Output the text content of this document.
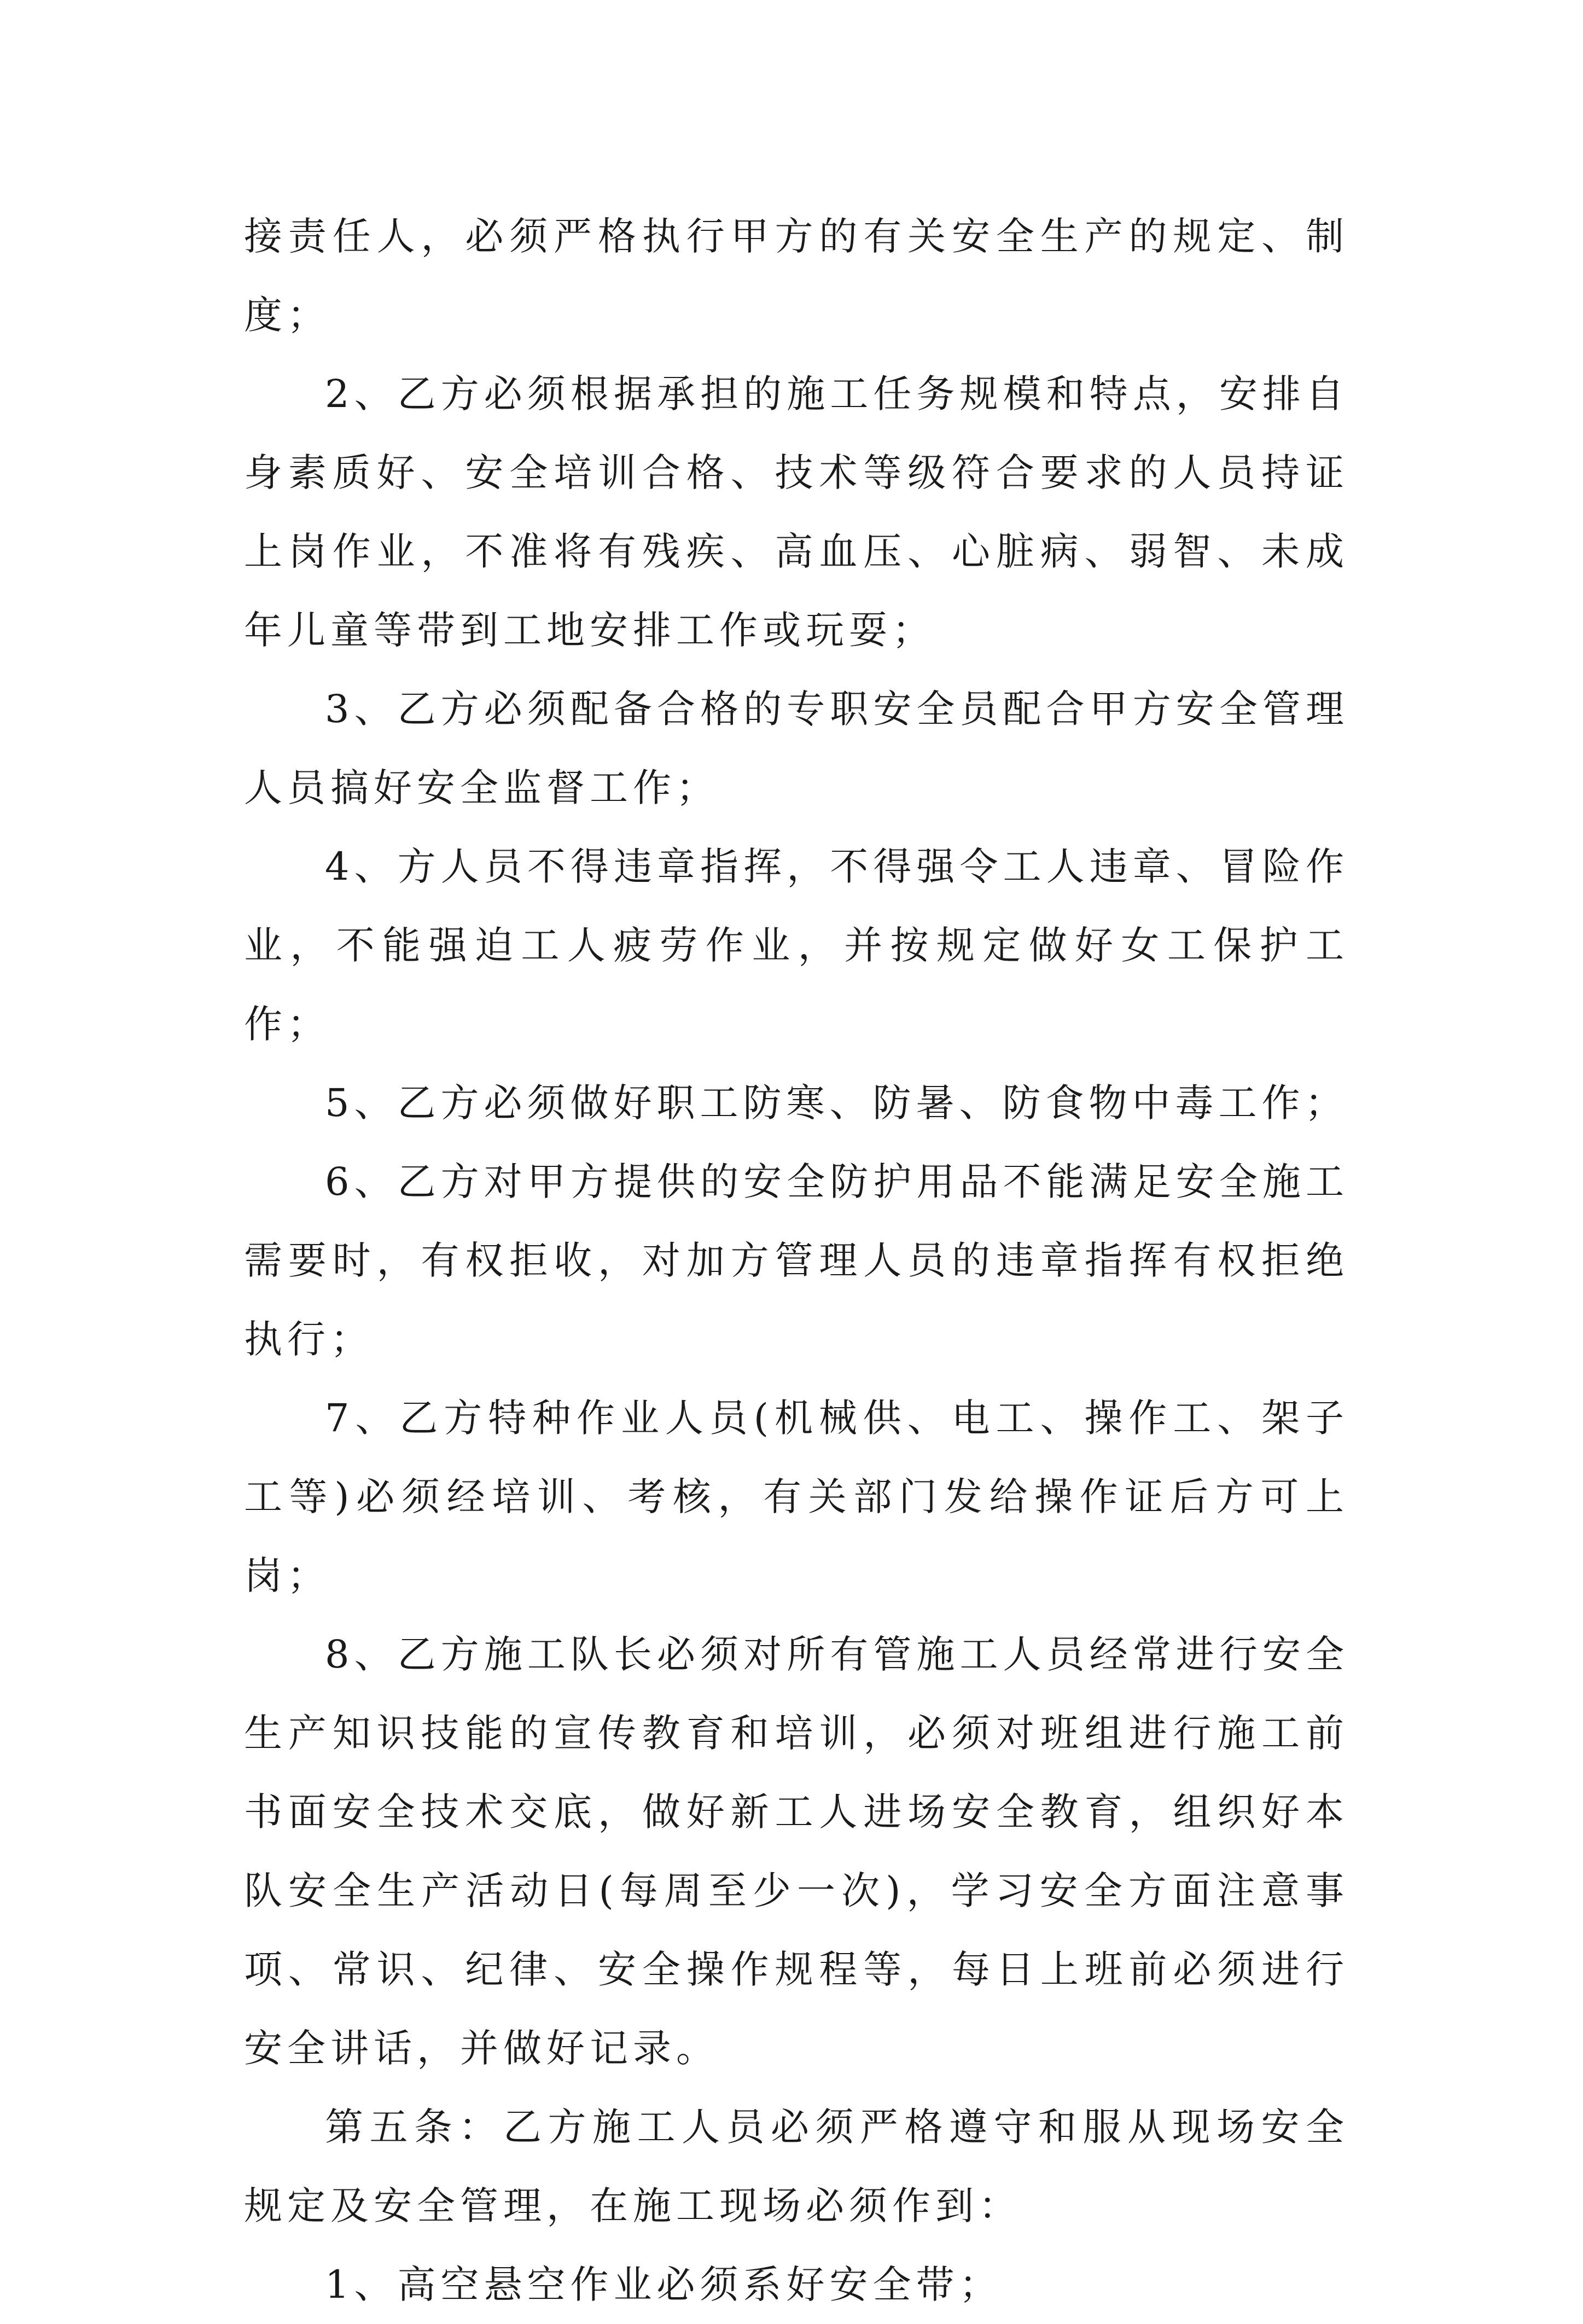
接责任人，必须严格执行甲方的有关安全生产的规定、制度；

2、乙方必须根据承担的施工任务规模和特点，安排自身素质好、安全培训合格、技术等级符合要求的人员持证上岗作业，不准将有残疾、高血压、心脏病、弱智、未成年儿童等带到工地安排工作或玩耍；

3、乙方必须配备合格的专职安全员配合甲方安全管理人员搞好安全监督工作；

4、方人员不得违章指挥，不得强令工人违章、冒险作业，不能强迫工人疲劳作业，并按规定做好女工保护工作；

5、乙方必须做好职工防寒、防暑、防食物中毒工作；

6、乙方对甲方提供的安全防护用品不能满足安全施工需要时，有权拒收，对加方管理人员的违章指挥有权拒绝执行；

7、乙方特种作业人员(机械供、电工、操作工、架子工等)必须经培训、考核，有关部门发给操作证后方可上岗；

8、乙方施工队长必须对所有管施工人员经常进行安全生产知识技能的宣传教育和培训，必须对班组进行施工前书面安全技术交底，做好新工人进场安全教育，组织好本队安全生产活动日(每周至少一次)，学习安全方面注意事项、常识、纪律、安全操作规程等，每日上班前必须进行安全讲话，并做好记录。

第五条：乙方施工人员必须严格遵守和服从现场安全规定及安全管理，在施工现场必须作到：

1、高空悬空作业必须系好安全带；
